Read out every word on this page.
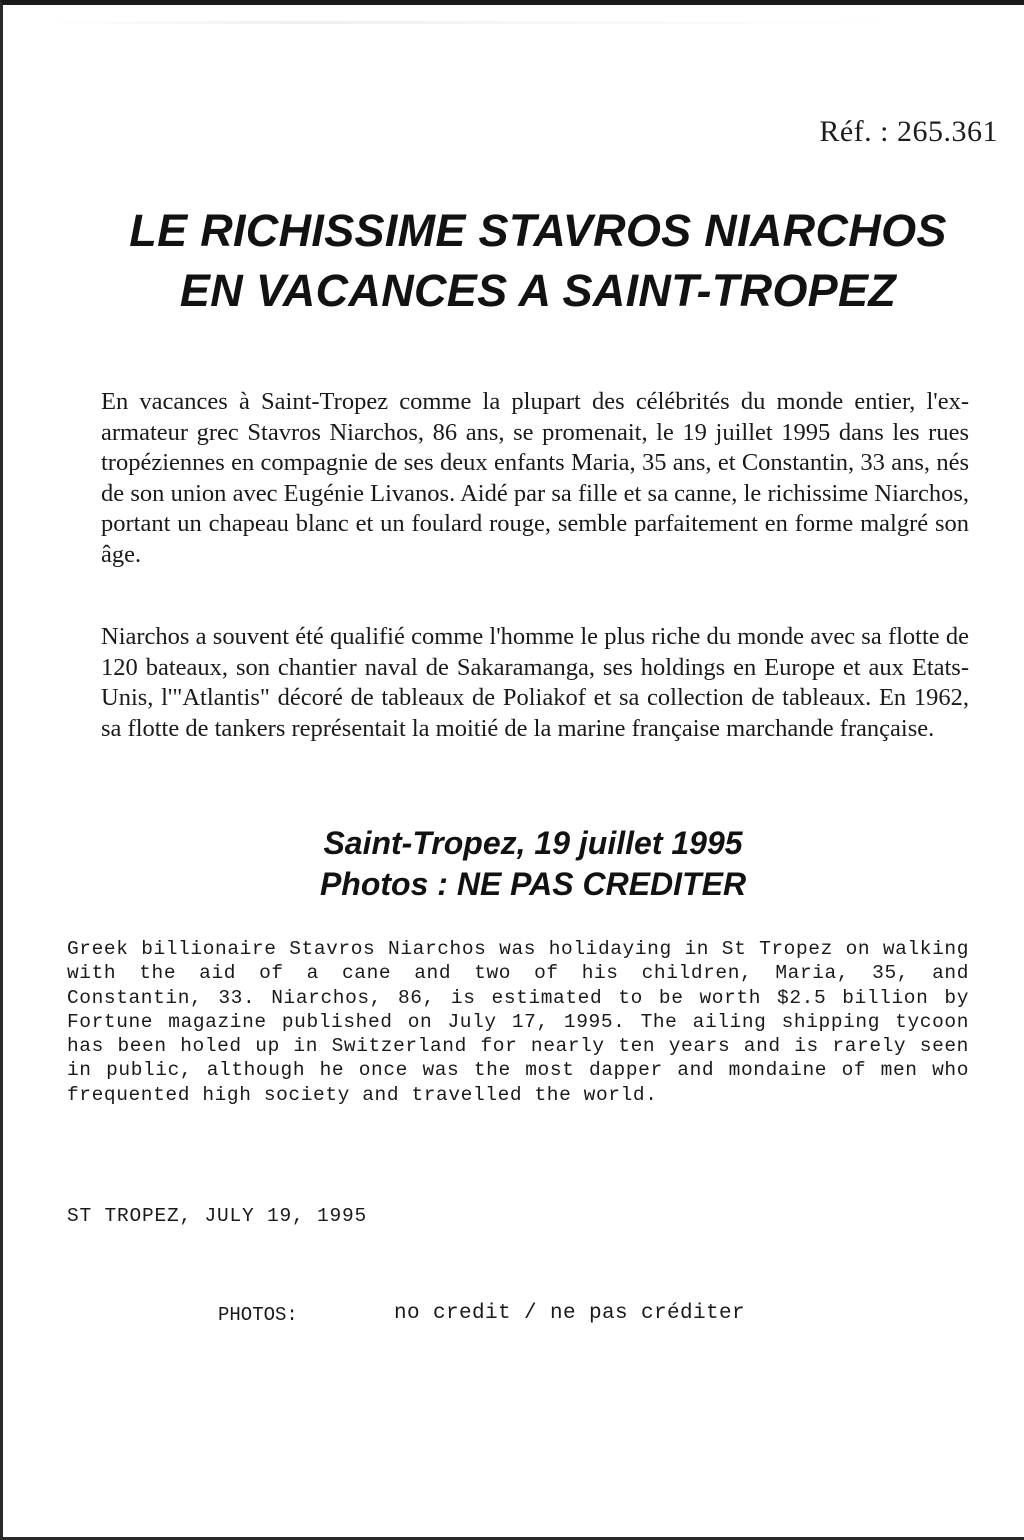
Réf. : 265.361
LE RICHISSIME STAVROS NIARCHOS
EN VACANCES A SAINT-TROPEZ
En vacances à Saint-Tropez comme la plupart des célébrités du monde entier, l'ex-armateur grec Stavros Niarchos, 86 ans, se promenait, le 19 juillet 1995 dans les rues tropéziennes en compagnie de ses deux enfants Maria, 35 ans, et Constantin, 33 ans, nés de son union avec Eugénie Livanos. Aidé par sa fille et sa canne, le richissime Niarchos, portant un chapeau blanc et un foulard rouge, semble parfaitement en forme malgré son âge.
Niarchos a souvent été qualifié comme l'homme le plus riche du monde avec sa flotte de 120 bateaux, son chantier naval de Sakaramanga, ses holdings en Europe et aux Etats-Unis, l'"Atlantis" décoré de tableaux de Poliakof et sa collection de tableaux. En 1962, sa flotte de tankers représentait la moitié de la marine française marchande française.
Saint-Tropez, 19 juillet 1995
Photos : NE PAS CREDITER
Greek billionaire Stavros Niarchos was holidaying in St Tropez on walking with the aid of a cane and two of his children, Maria, 35, and Constantin, 33. Niarchos, 86, is estimated to be worth $2.5 billion by Fortune magazine published on July 17, 1995. The ailing shipping tycoon has been holed up in Switzerland for nearly ten years and is rarely seen in public, although he once was the most dapper and mondaine of men who frequented high society and travelled the world.
ST TROPEZ, JULY 19, 1995
PHOTOS:	no credit / ne pas créditer
